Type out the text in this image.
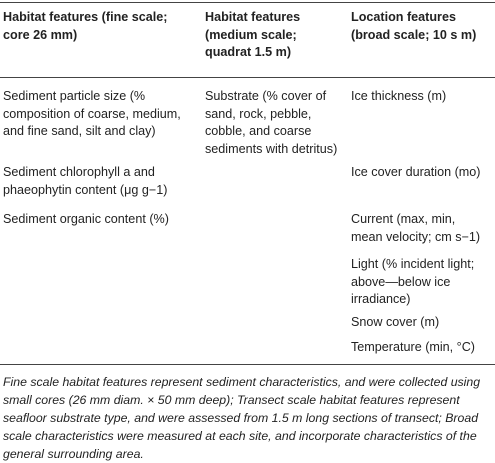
Habitat features (fine scale;
core 26 mm)
Habitat features
(medium scale;
quadrat 1.5 m)
Location features
(broad scale; 10 s m)
Sediment particle size (%
composition of coarse, medium,
and fine sand, silt and clay)
Sediment chlorophyll a and
phaeophytin content (μg g−1)
Sediment organic content (%)
Substrate (% cover of
sand, rock, pebble,
cobble, and coarse
sediments with detritus)
Ice thickness (m)
Ice cover duration (mo)
Current (max, min,
mean velocity; cm s−1)
Light (% incident light;
above—below ice
irradiance)
Snow cover (m)
Temperature (min, °C)
Fine scale habitat features represent sediment characteristics, and were collected using
small cores (26 mm diam. × 50 mm deep); Transect scale habitat features represent
seafloor substrate type, and were assessed from 1.5 m long sections of transect; Broad
scale characteristics were measured at each site, and incorporate characteristics of the
general surrounding area.
